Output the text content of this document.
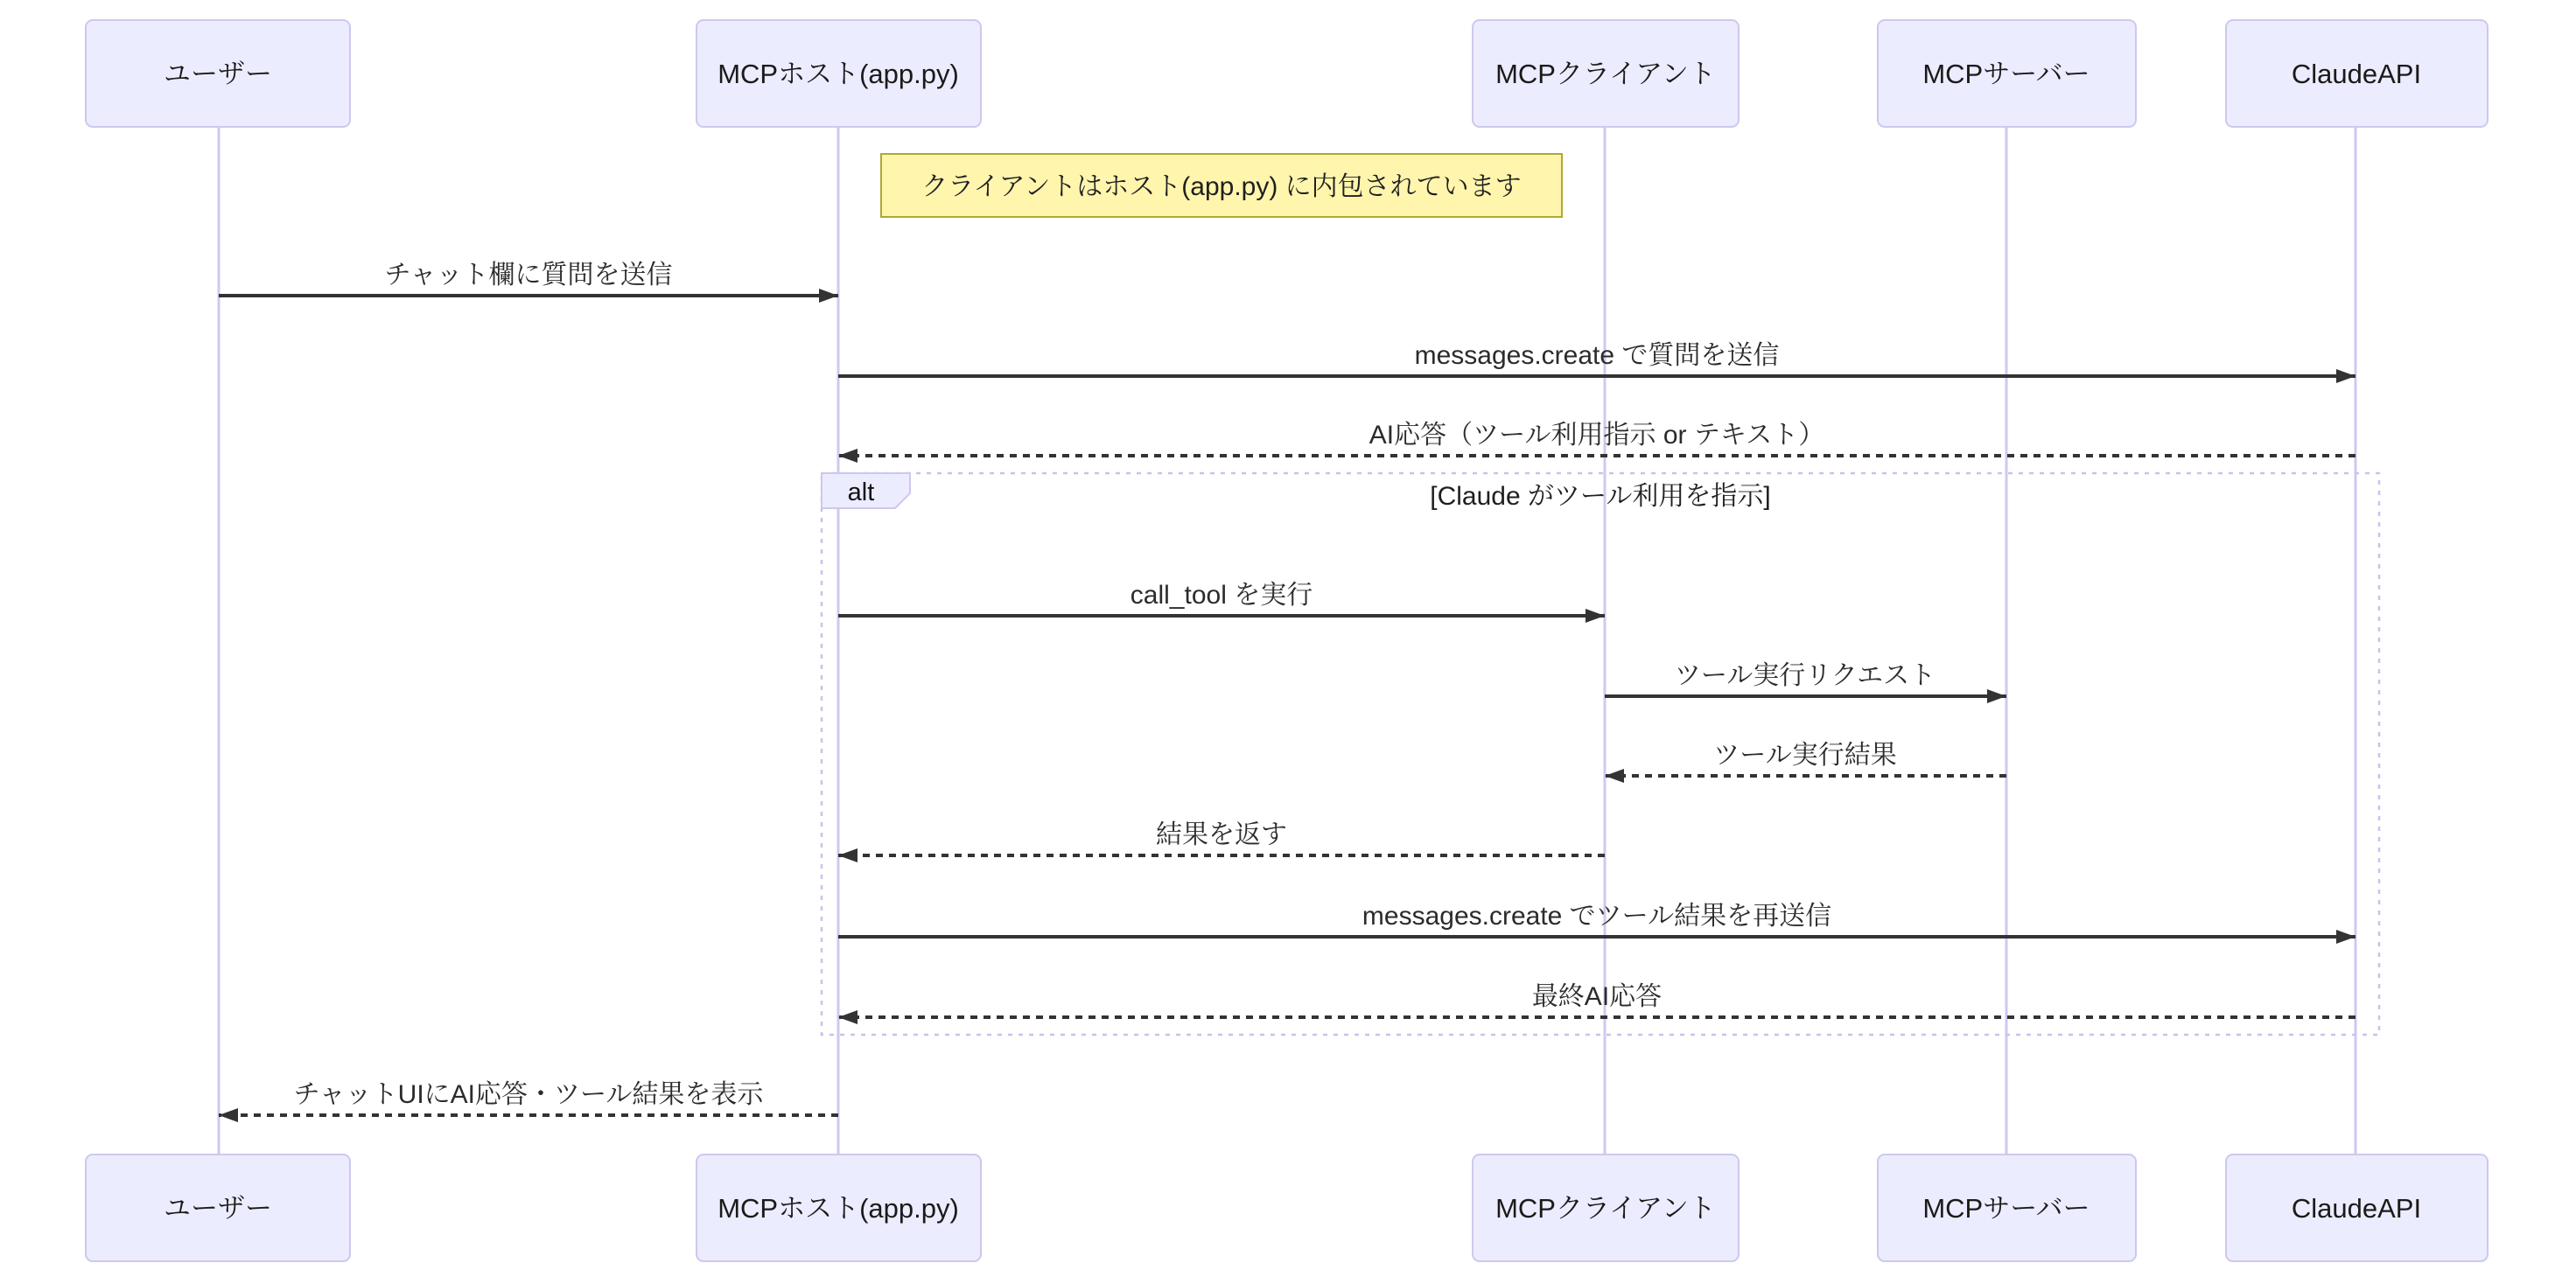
ユーザー	MCPホスト(app.py)	MCPクライアント	MCPサーバー	ClaudeAPI
クライアントはホスト(app.py) に内包されています
チャット欄に質問を送信
messages.create で質問を送信
AI応答（ツール利用指示 or テキスト）
alt	[Claude がツール利用を指示]
call_tool を実行
ツール実行リクエスト
ツール実行結果
結果を返す
messages.create でツール結果を再送信
最終AI応答
チャットUIにAI応答・ツール結果を表示
ユーザー	MCPホスト(app.py)	MCPクライアント	MCPサーバー	ClaudeAPI
